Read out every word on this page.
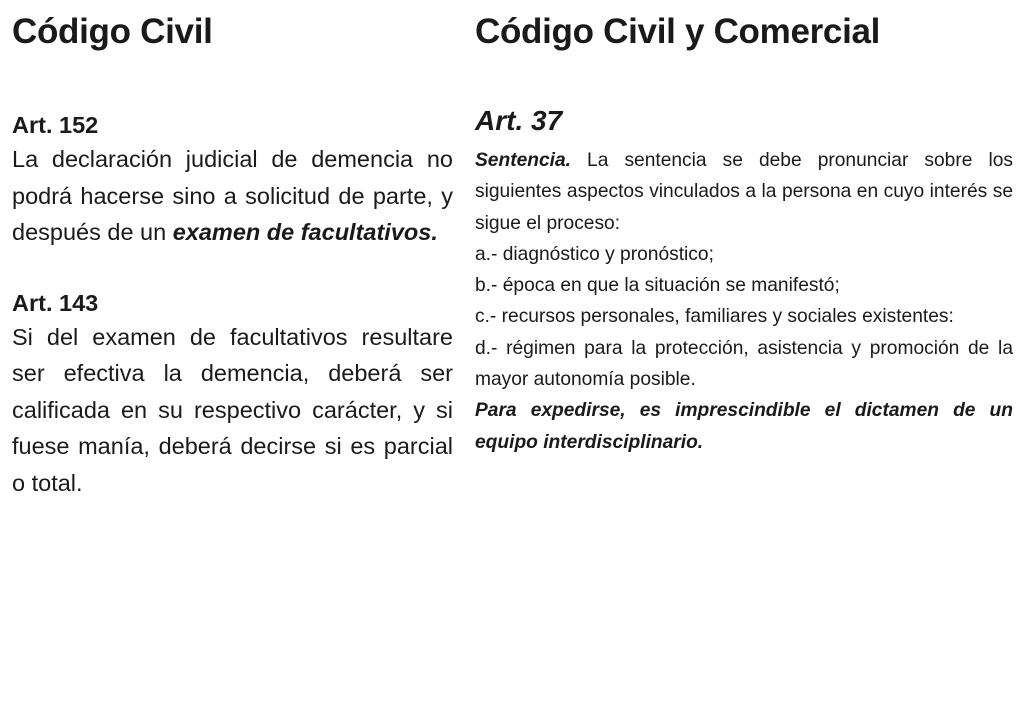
Código Civil
Art. 152

La declaración judicial de demencia no podrá hacerse sino a solicitud de parte, y después de un examen de facultativos.

Art. 143

Si del examen de facultativos resultare ser efectiva la demencia, deberá ser calificada en su respectivo carácter, y si fuese manía, deberá decirse si es parcial o total.

Código Civil y Comercial
Art. 37

Sentencia. La sentencia se debe pronunciar sobre los siguientes aspectos vinculados a la persona en cuyo interés se sigue el proceso:

a.- diagnóstico y pronóstico;

b.- época en que la situación se manifestó;

c.- recursos personales, familiares y sociales existentes:

d.- régimen para la protección, asistencia y promoción de la mayor autonomía posible.

Para expedirse, es imprescindible el dictamen de un equipo interdisciplinario.
